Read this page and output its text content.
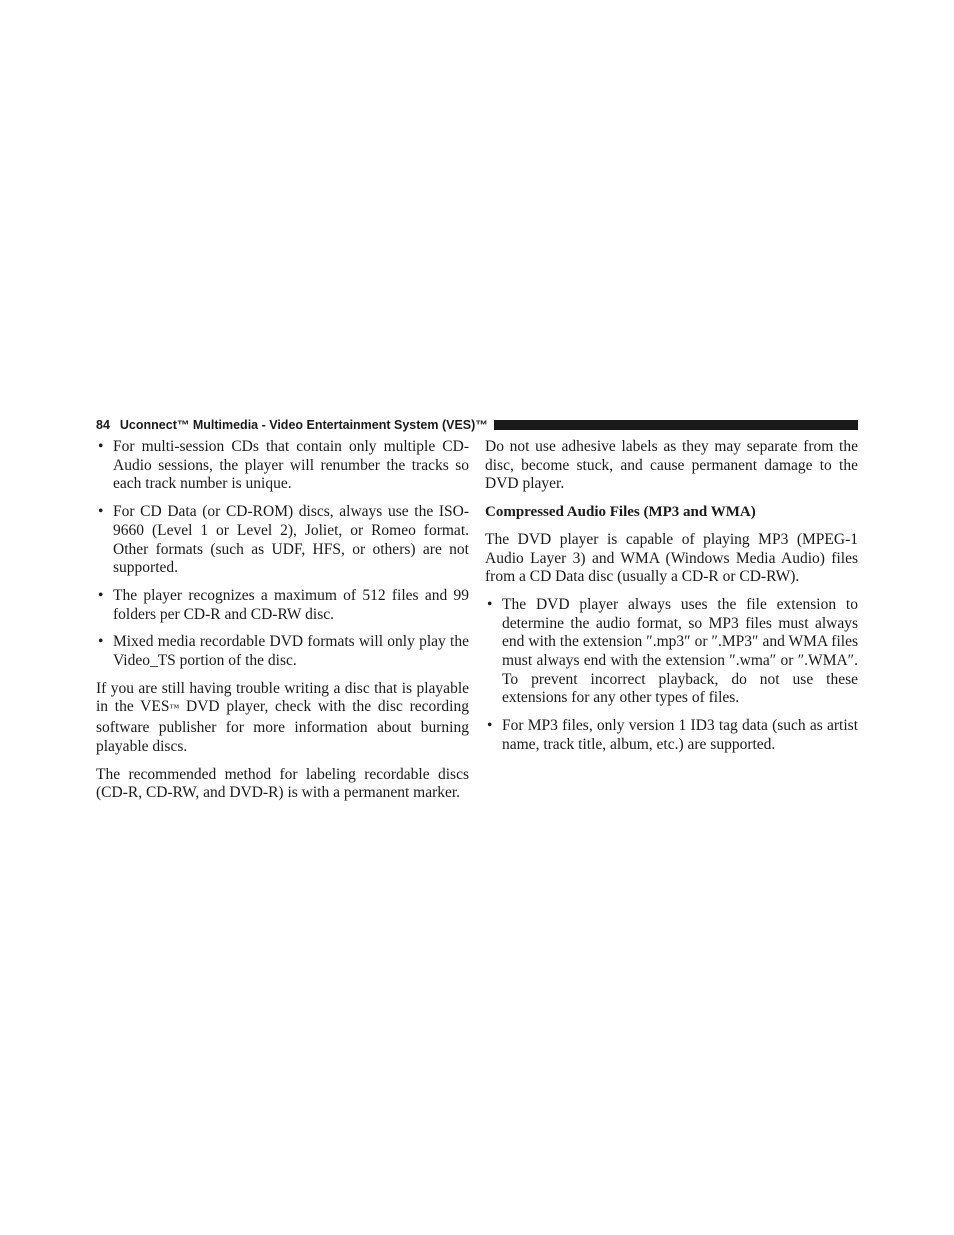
84 Uconnect™ Multimedia - Video Entertainment System (VES)™
• For multi-session CDs that contain only multiple CD-Audio sessions, the player will renumber the tracks so each track number is unique.
• For CD Data (or CD-ROM) discs, always use the ISO-9660 (Level 1 or Level 2), Joliet, or Romeo format. Other formats (such as UDF, HFS, or others) are not supported.
• The player recognizes a maximum of 512 files and 99 folders per CD-R and CD-RW disc.
• Mixed media recordable DVD formats will only play the Video_TS portion of the disc.

If you are still having trouble writing a disc that is playable in the VES™ DVD player, check with the disc recording software publisher for more information about burning playable discs.

The recommended method for labeling recordable discs (CD-R, CD-RW, and DVD-R) is with a permanent marker.

Do not use adhesive labels as they may separate from the disc, become stuck, and cause permanent damage to the DVD player.

Compressed Audio Files (MP3 and WMA)

The DVD player is capable of playing MP3 (MPEG-1 Audio Layer 3) and WMA (Windows Media Audio) files from a CD Data disc (usually a CD-R or CD-RW).

• The DVD player always uses the file extension to determine the audio format, so MP3 files must always end with the extension ″.mp3″ or ″.MP3″ and WMA files must always end with the extension ″.wma″ or ″.WMA″. To prevent incorrect playback, do not use these extensions for any other types of files.
• For MP3 files, only version 1 ID3 tag data (such as artist name, track title, album, etc.) are supported.
